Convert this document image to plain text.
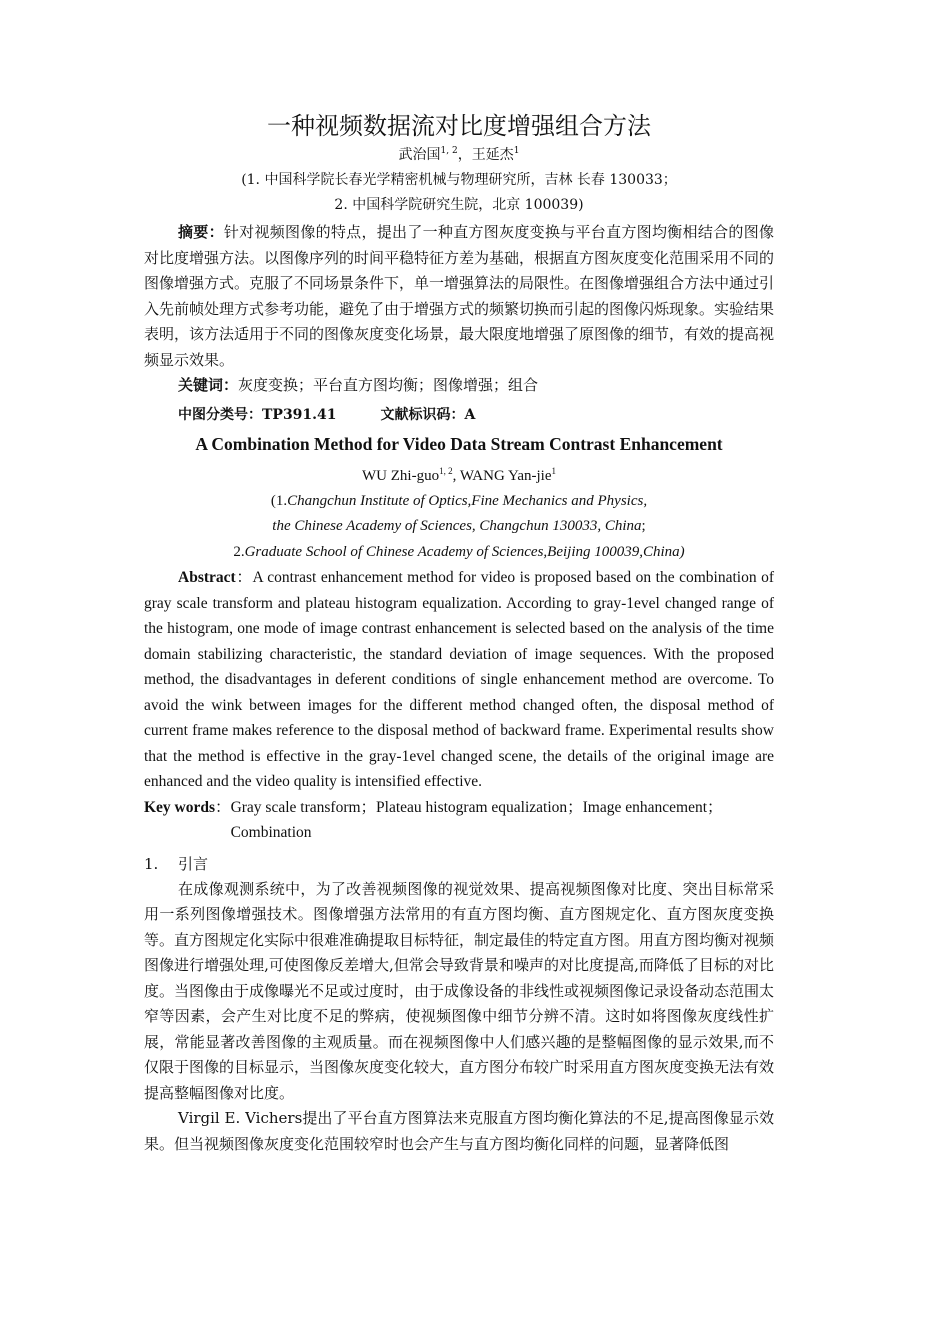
一种视频数据流对比度增强组合方法
武治国$^{1, 2}$，王延杰$^1$
(1. 中国科学院长春光学精密机械与物理研究所，吉林 长春 130033；
2. 中国科学院研究生院，北京 100039)

摘要：针对视频图像的特点，提出了一种直方图灰度变换与平台直方图均衡相结合的图像对比度增强方法。以图像序列的时间平稳特征方差为基础，根据直方图灰度变化范围采用不同的图像增强方式。克服了不同场景条件下，单一增强算法的局限性。在图像增强组合方法中通过引入先前帧处理方式参考功能，避免了由于增强方式的频繁切换而引起的图像闪烁现象。实验结果表明，该方法适用于不同的图像灰度变化场景，最大限度地增强了原图像的细节，有效的提高视频显示效果。

关键词：灰度变换；平台直方图均衡；图像增强；组合

中图分类号：TP391.41	文献标识码：A

A Combination Method for Video Data Stream Contrast Enhancement
WU Zhi-guo$^{1, 2}$, WANG Yan-jie$^1$
(1.Changchun Institute of Optics,Fine Mechanics and Physics,
the Chinese Academy of Sciences, Changchun 130033, China;
2.Graduate School of Chinese Academy of Sciences,Beijing 100039,China)

Abstract：A contrast enhancement method for video is proposed based on the combination of gray scale transform and plateau histogram equalization. According to gray-1evel changed range of the histogram, one mode of image contrast enhancement is selected based on the analysis of the time domain stabilizing characteristic, the standard deviation of image sequences. With the proposed method, the disadvantages in deferent conditions of single enhancement method are overcome. To avoid the wink between images for the different method changed often, the disposal method of current frame makes reference to the disposal method of backward frame. Experimental results show that the method is effective in the gray-1evel changed scene, the details of the original image are enhanced and the video quality is intensified effective.

Key words： Gray scale transform；Plateau histogram equalization；Image enhancement；Combination
1. 引言

在成像观测系统中，为了改善视频图像的视觉效果、提高视频图像对比度、突出目标常采用一系列图像增强技术。图像增强方法常用的有直方图均衡、直方图规定化、直方图灰度变换等。直方图规定化实际中很难准确提取目标特征，制定最佳的特定直方图。用直方图均衡对视频图像进行增强处理,可使图像反差增大,但常会导致背景和噪声的对比度提高,而降低了目标的对比度。当图像由于成像曝光不足或过度时，由于成像设备的非线性或视频图像记录设备动态范围太窄等因素，会产生对比度不足的弊病，使视频图像中细节分辨不清。这时如将图像灰度线性扩展，常能显著改善图像的主观质量。而在视频图像中人们感兴趣的是整幅图像的显示效果,而不仅限于图像的目标显示，当图像灰度变化较大，直方图分布较广时采用直方图灰度变换无法有效提高整幅图像对比度。

Virgil E. Vichers提出了平台直方图算法来克服直方图均衡化算法的不足,提高图像显示效果。但当视频图像灰度变化范围较窄时也会产生与直方图均衡化同样的问题，显著降低图
